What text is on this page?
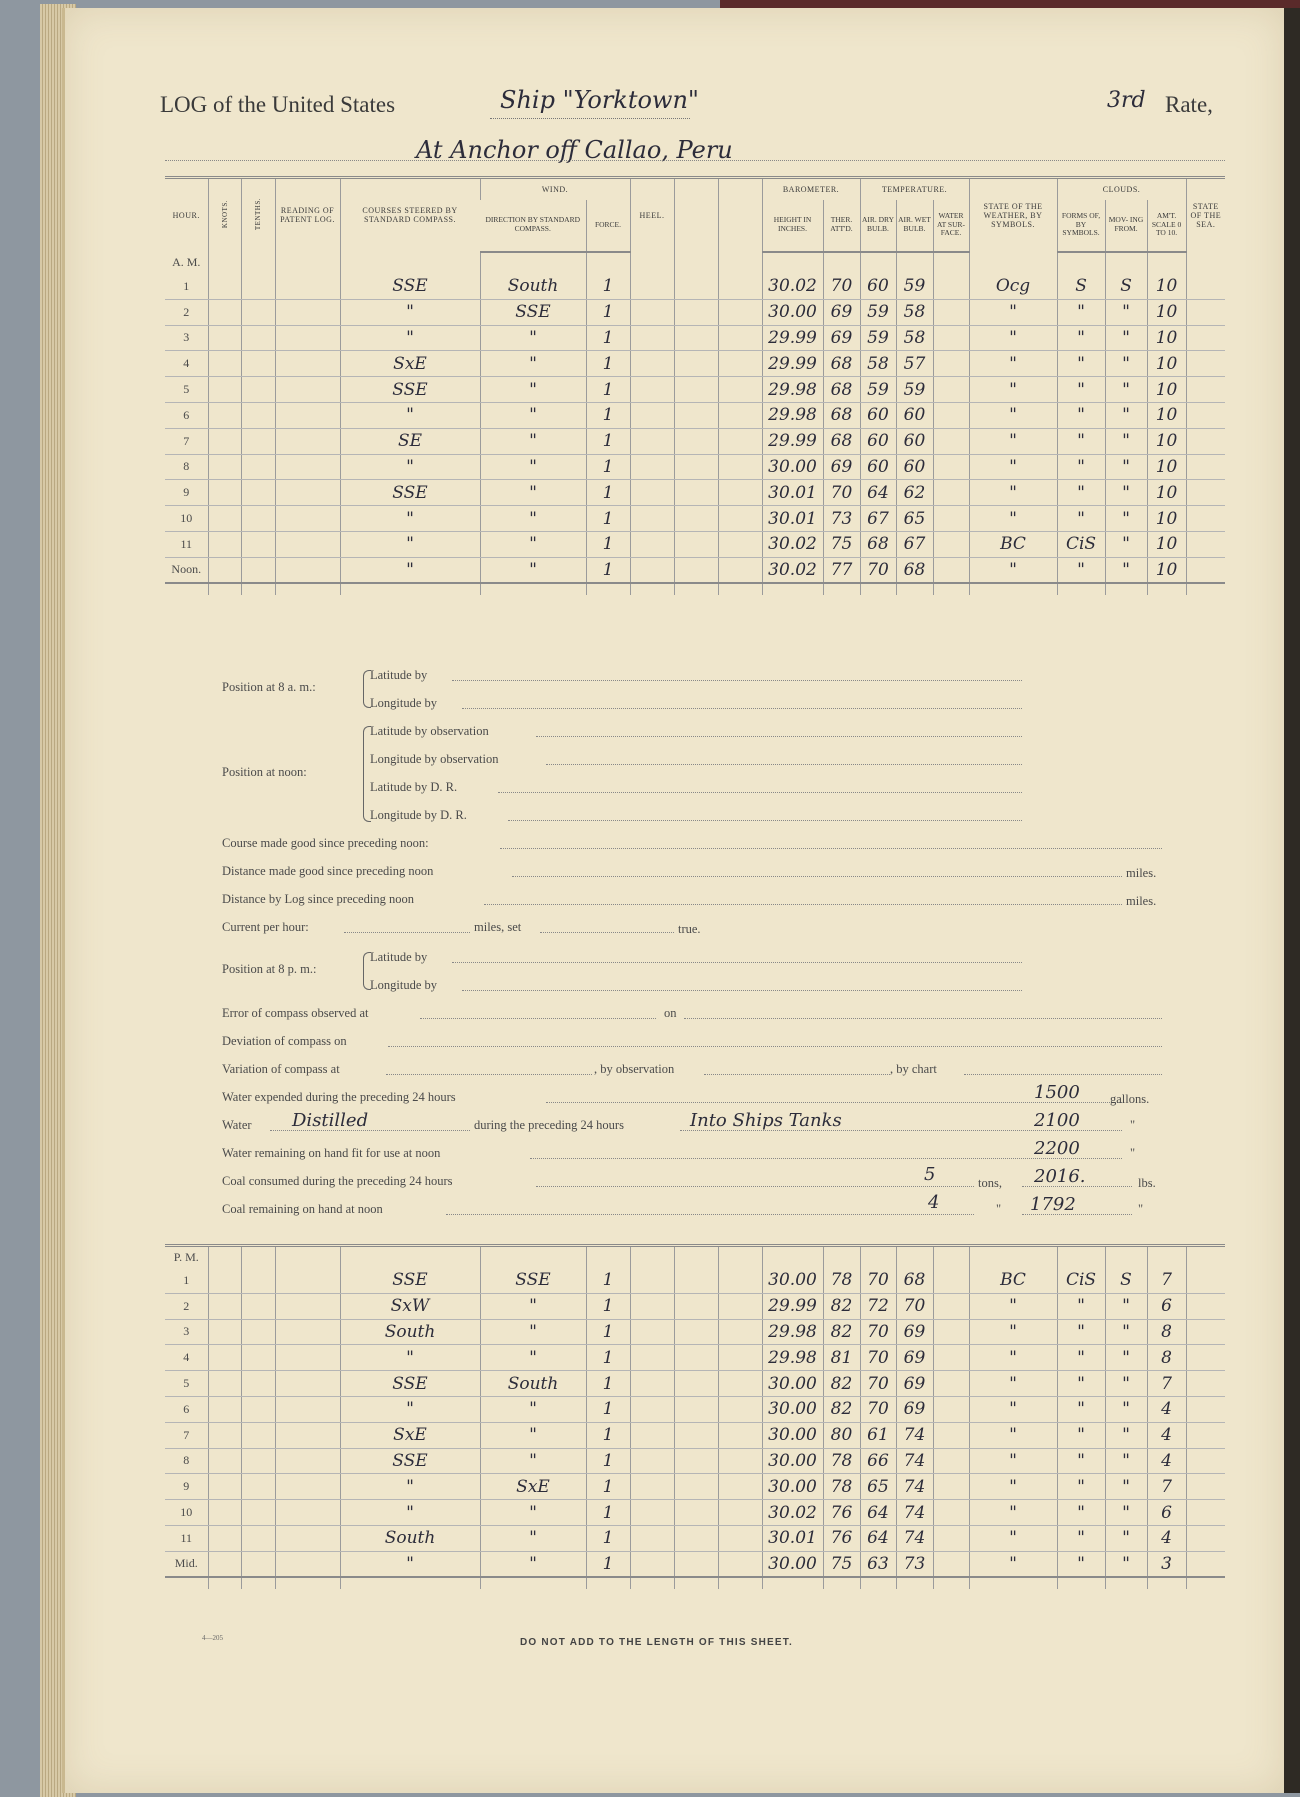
LOG of the United States	Ship "Yorktown"	3rd Rate,
At Anchor off Callao, Peru
HOUR.	KNOTS.	TENTHS.	READING OF PATENT LOG.	COURSES STEERED BY STANDARD COMPASS.	WIND.		HEEL.			BAROMETER.		TEMPERATURE.			STATE OF THE WEATHER, BY SYMBOLS.	CLOUDS.			STATE OF THE SEA.
					DIRECTION BY STANDARD COMPASS.	FORCE.				HEIGHT IN INCHES.	THER. ATT'D.	AIR. DRY BULB.	AIR. WET BULB.	WATER AT SUR- FACE.		FORMS OF, BY SYMBOLS.	MOV- ING FROM.	AM'T. SCALE 0 TO 10.	
A. M.																			
1				SSE	South	1				30.02	70	60	59		Ocg	S	S	10	
2				"	SSE	1				30.00	69	59	58		"	"	"	10	
3				"	"	1				29.99	69	59	58		"	"	"	10	
4				SxE	"	1				29.99	68	58	57		"	"	"	10	
5				SSE	"	1				29.98	68	59	59		"	"	"	10	
6				"	"	1				29.98	68	60	60		"	"	"	10	
7				SE	"	1				29.99	68	60	60		"	"	"	10	
8				"	"	1				30.00	69	60	60		"	"	"	10	
9				SSE	"	1				30.01	70	64	62		"	"	"	10	
10				"	"	1				30.01	73	67	65		"	"	"	10	
11				"	"	1				30.02	75	68	67		BC	CiS	"	10	
Noon.				"	"	1				30.02	77	70	68		"	"	"	10	

Position at 8 a. m.:
Latitude by
Longitude by
Position at noon:
Latitude by observation
Longitude by observation
Latitude by D. R.
Longitude by D. R.
Course made good since preceding noon:
Distance made good since preceding noon	miles.
Distance by Log since preceding noon	miles.
Current per hour:	miles, set	true.
Position at 8 p. m.:
Latitude by
Longitude by
Error of compass observed at	on
Deviation of compass on
Variation of compass at	, by observation	, by chart
Water expended during the preceding 24 hours	1500 gallons.
Water Distilled	during the preceding 24 hours	Into Ships Tanks	2100	"
Water remaining on hand fit for use at noon	2200	"
Coal consumed during the preceding 24 hours	5	tons, 2016.	lbs.
Coal remaining on hand at noon	4	" 1792	"
P. M.																			
1				SSE	SSE	1				30.00	78	70	68		BC	CiS	S	7	
2				SxW	"	1				29.99	82	72	70		"	"	"	6	
3				South	"	1				29.98	82	70	69		"	"	"	8	
4				"	"	1				29.98	81	70	69		"	"	"	8	
5				SSE	South	1				30.00	82	70	69		"	"	"	7	
6				"	"	1				30.00	82	70	69		"	"	"	4	
7				SxE	"	1				30.00	80	61	74		"	"	"	4	
8				SSE	"	1				30.00	78	66	74		"	"	"	4	
9				"	SxE	1				30.00	78	65	74		"	"	"	7	
10				"	"	1				30.02	76	64	74		"	"	"	6	
11				South	"	1				30.01	76	64	74		"	"	"	4	
Mid.				"	"	1				30.00	75	63	73		"	"	"	3	

4—205	DO NOT ADD TO THE LENGTH OF THIS SHEET.
